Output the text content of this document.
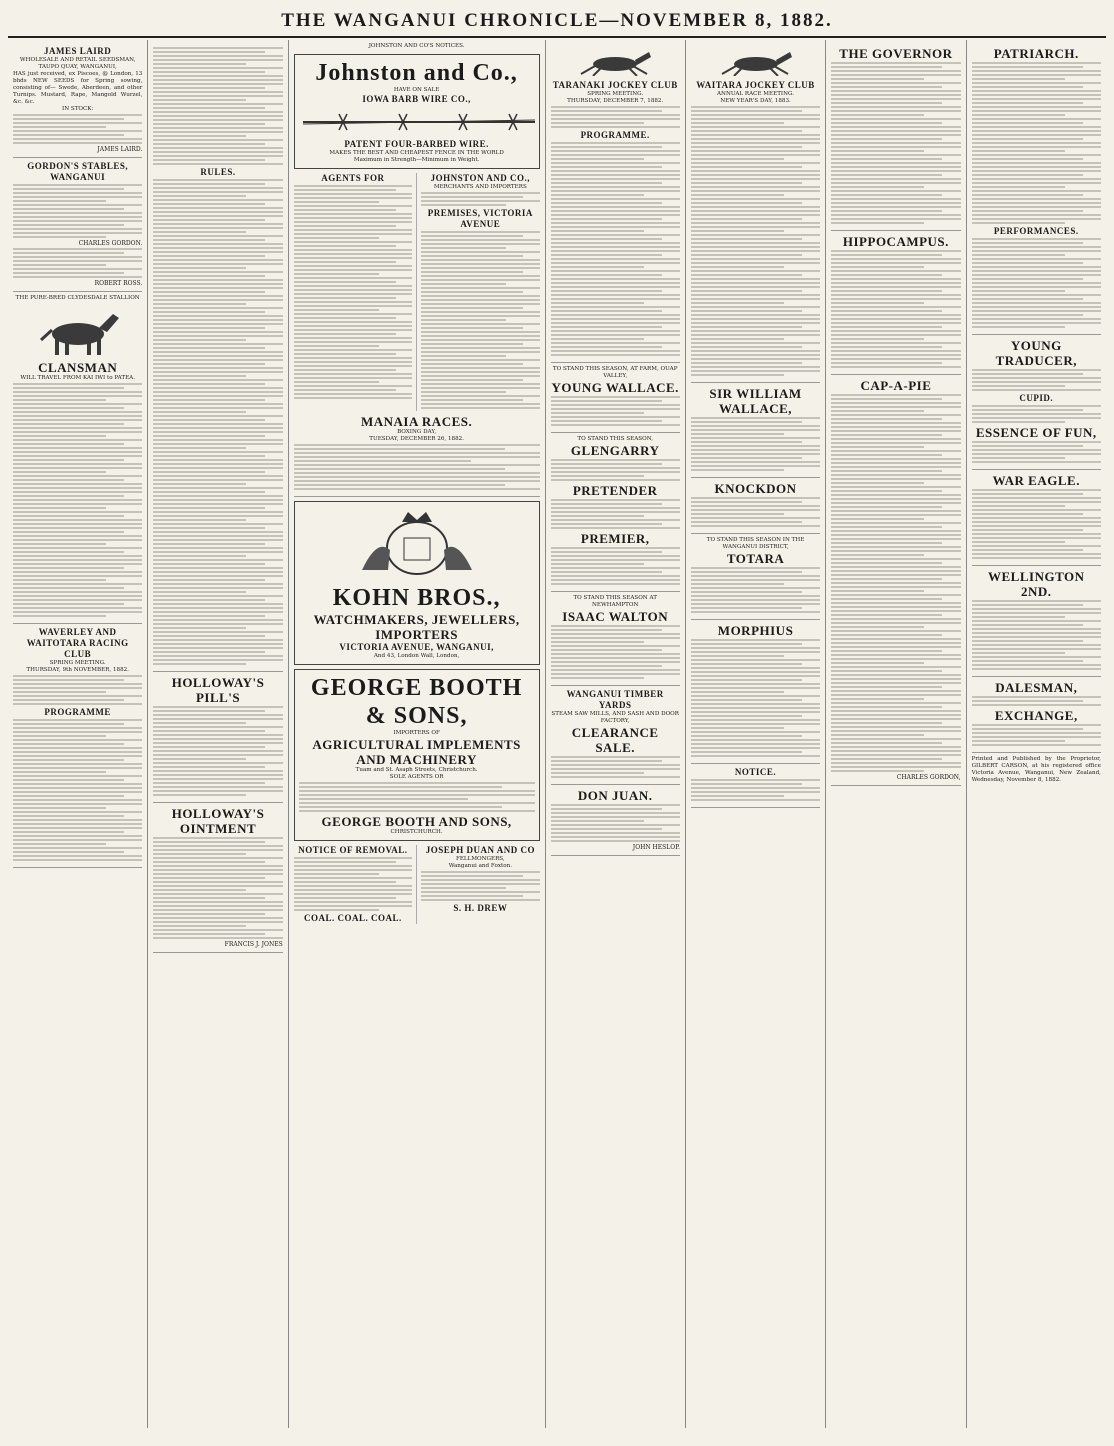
THE WANGANUI CHRONICLE—NOVEMBER 8, 1882.
JAMES LAIRD
WHOLESALE AND RETAIL SEEDSMAN,
TAUPO QUAY, WANGANUI,
HAS just received, ex Piscoes, @ London, 13 bhds NEW SEEDS for Spring sowing, consisting of— Swede, Aberdeen, and other Turnips. Mustard, Rape, Mangold Wurzel, &c. &c.
IN STOCK:
JAMES LAIRD.
GORDON'S STABLES, WANGANUI
CHARLES GORDON.
ROBERT ROSS.
THE PURE-BRED CLYDESDALE STALLION
CLANSMAN
WILL TRAVEL FROM KAI IWI to PATEA.
WAVERLEY AND WAITOTARA RACING CLUB
SPRING MEETING.
THURSDAY, 9th NOVEMBER, 1882.
PROGRAMME
RULES.
HOLLOWAY'S PILL'S
HOLLOWAY'S OINTMENT
FRANCIS J. JONES
JOHNSTON AND CO'S NOTICES.
Johnston and Co.,
HAVE ON SALE
IOWA BARB WIRE CO.,
PATENT FOUR-BARBED WIRE.
MAKES THE BEST AND CHEAPEST FENCE IN THE WORLD
Maximum in Strength—Minimum in Weight.
AGENTS FOR	JOHNSTON AND CO.,
MERCHANTS AND IMPORTERS
PREMISES, VICTORIA AVENUE
MANAIA RACES.
BOXING DAY,
TUESDAY, DECEMBER 26, 1882.
KOHN BROS.,
WATCHMAKERS, JEWELLERS, IMPORTERS
VICTORIA AVENUE, WANGANUI,
And 43, London Wall, London,
GEORGE BOOTH & SONS,
IMPORTERS OF
AGRICULTURAL IMPLEMENTS AND MACHINERY
Tuam and St. Asaph Streets, Christchurch.
SOLE AGENTS OR
GEORGE BOOTH AND SONS,
CHRISTCHURCH.
NOTICE OF REMOVAL.
COAL. COAL. COAL.
JOSEPH DUAN AND CO
FELLMONGERS,
Wanganui and Foxton.
S. H. DREW
TARANAKI JOCKEY CLUB
SPRING MEETING.
THURSDAY, DECEMBER 7, 1882.
PROGRAMME.
TO STAND THIS SEASON, AT FARM, OUAP VALLEY,
YOUNG WALLACE.
TO STAND THIS SEASON,
GLENGARRY
PRETENDER
PREMIER,
TO STAND THIS SEASON AT NEWHAMPTON
ISAAC WALTON
WANGANUI TIMBER YARDS
STEAM SAW MILLS, AND SASH AND DOOR FACTORY,
CLEARANCE SALE.
DON JUAN.
JOHN HESLOP.
WAITARA JOCKEY CLUB
ANNUAL RACE MEETING.
NEW YEAR'S DAY, 1883.
SIR WILLIAM WALLACE,
KNOCKDON
TO STAND THIS SEASON IN THE WANGANUI DISTRICT,
TOTARA
MORPHIUS
NOTICE.
THE GOVERNOR
HIPPOCAMPUS.
CAP-A-PIE
CHARLES GORDON,
PATRIARCH.
PERFORMANCES.
YOUNG TRADUCER,
CUPID.
ESSENCE OF FUN,
WAR EAGLE.
WELLINGTON 2ND.
DALESMAN,
EXCHANGE,
Printed and Published by the Proprietor, GILBERT CARSON, at his registered office Victoria Avenue, Wanganui, New Zealand, Wednesday, November 8, 1882.
